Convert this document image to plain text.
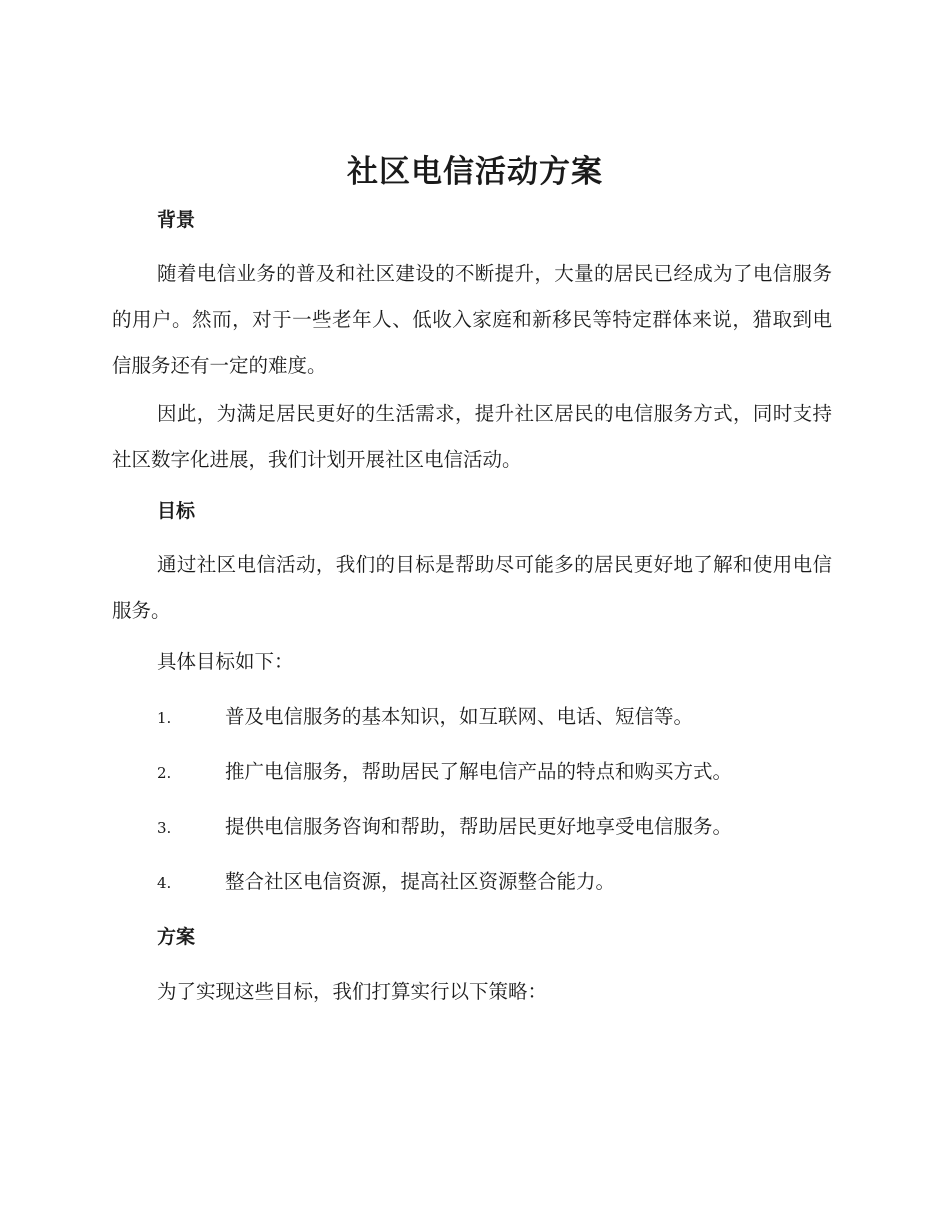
社区电信活动方案
背景

随着电信业务的普及和社区建设的不断提升，大量的居民已经成为了电信服务的用户。然而，对于一些老年人、低收入家庭和新移民等特定群体来说，猎取到电信服务还有一定的难度。

因此，为满足居民更好的生活需求，提升社区居民的电信服务方式，同时支持社区数字化进展，我们计划开展社区电信活动。

目标

通过社区电信活动，我们的目标是帮助尽可能多的居民更好地了解和使用电信服务。

具体目标如下：

1.	普及电信服务的基本知识，如互联网、电话、短信等。
2.	推广电信服务，帮助居民了解电信产品的特点和购买方式。
3.	提供电信服务咨询和帮助，帮助居民更好地享受电信服务。
4.	整合社区电信资源，提高社区资源整合能力。
方案

为了实现这些目标，我们打算实行以下策略：
